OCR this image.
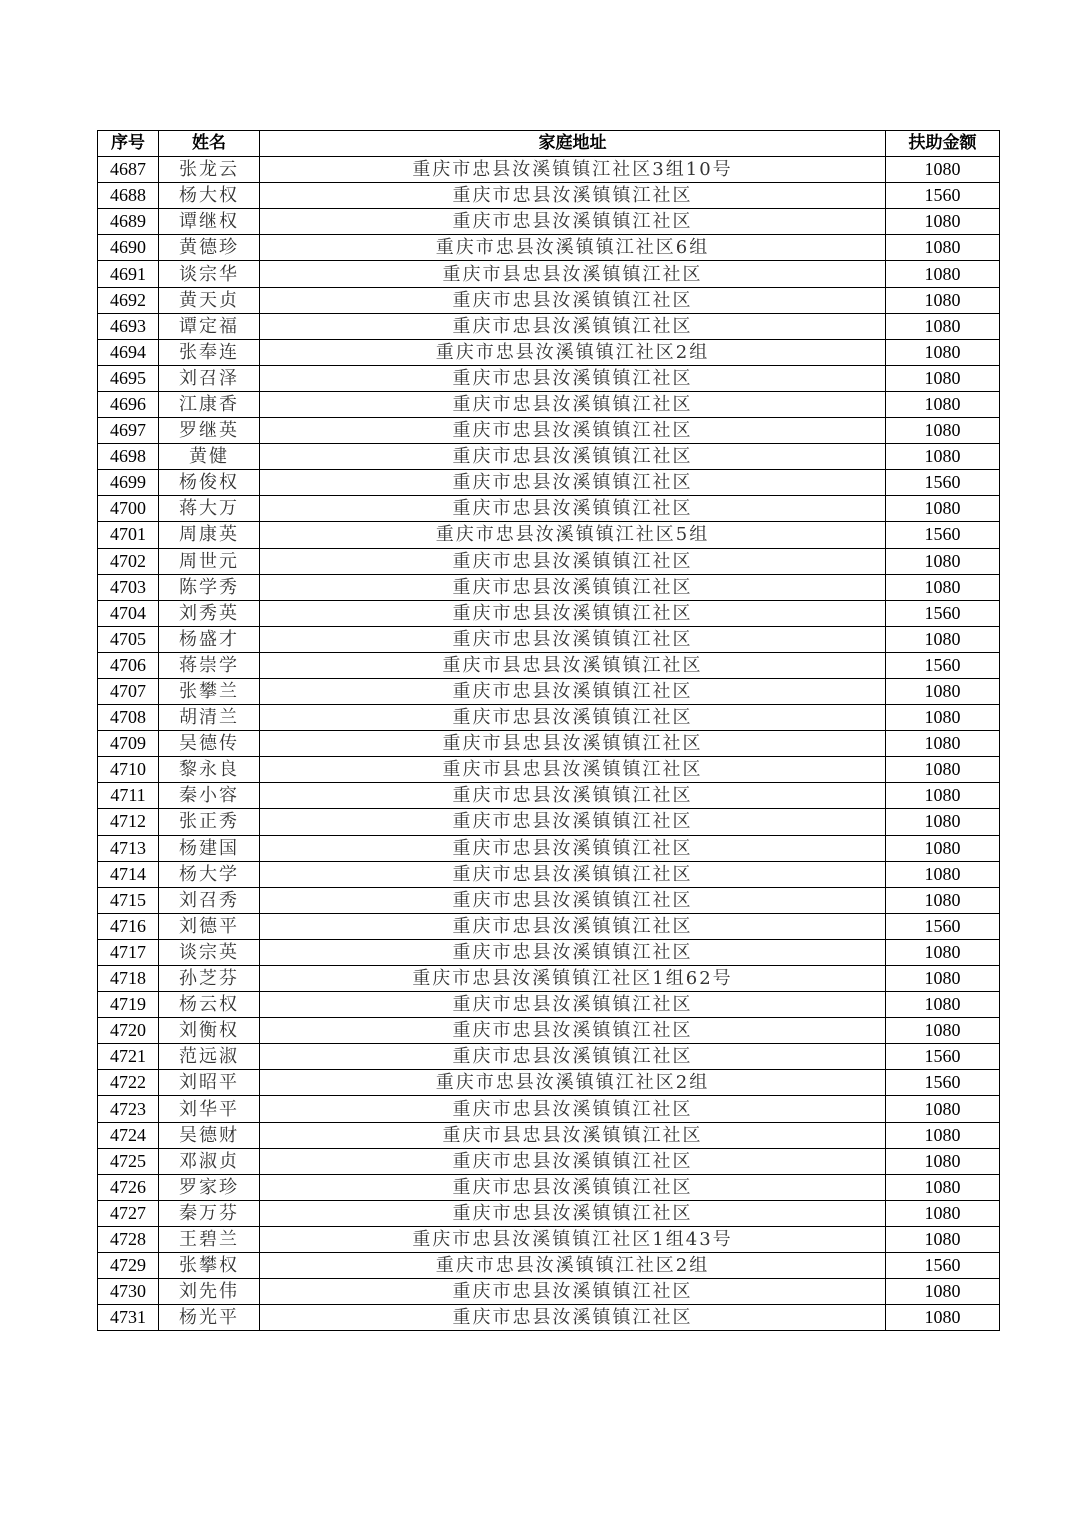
序号	姓名	家庭地址	扶助金额
4687	张龙云	重庆市忠县汝溪镇镇江社区3组10号	1080
4688	杨大权	重庆市忠县汝溪镇镇江社区	1560
4689	谭继权	重庆市忠县汝溪镇镇江社区	1080
4690	黄德珍	重庆市忠县汝溪镇镇江社区6组	1080
4691	谈宗华	重庆市县忠县汝溪镇镇江社区	1080
4692	黄天贞	重庆市忠县汝溪镇镇江社区	1080
4693	谭定福	重庆市忠县汝溪镇镇江社区	1080
4694	张奉连	重庆市忠县汝溪镇镇江社区2组	1080
4695	刘召泽	重庆市忠县汝溪镇镇江社区	1080
4696	江康香	重庆市忠县汝溪镇镇江社区	1080
4697	罗继英	重庆市忠县汝溪镇镇江社区	1080
4698	黄健	重庆市忠县汝溪镇镇江社区	1080
4699	杨俊权	重庆市忠县汝溪镇镇江社区	1560
4700	蒋大万	重庆市忠县汝溪镇镇江社区	1080
4701	周康英	重庆市忠县汝溪镇镇江社区5组	1560
4702	周世元	重庆市忠县汝溪镇镇江社区	1080
4703	陈学秀	重庆市忠县汝溪镇镇江社区	1080
4704	刘秀英	重庆市忠县汝溪镇镇江社区	1560
4705	杨盛才	重庆市忠县汝溪镇镇江社区	1080
4706	蒋崇学	重庆市县忠县汝溪镇镇江社区	1560
4707	张攀兰	重庆市忠县汝溪镇镇江社区	1080
4708	胡清兰	重庆市忠县汝溪镇镇江社区	1080
4709	吴德传	重庆市县忠县汝溪镇镇江社区	1080
4710	黎永良	重庆市县忠县汝溪镇镇江社区	1080
4711	秦小容	重庆市忠县汝溪镇镇江社区	1080
4712	张正秀	重庆市忠县汝溪镇镇江社区	1080
4713	杨建国	重庆市忠县汝溪镇镇江社区	1080
4714	杨大学	重庆市忠县汝溪镇镇江社区	1080
4715	刘召秀	重庆市忠县汝溪镇镇江社区	1080
4716	刘德平	重庆市忠县汝溪镇镇江社区	1560
4717	谈宗英	重庆市忠县汝溪镇镇江社区	1080
4718	孙芝芬	重庆市忠县汝溪镇镇江社区1组62号	1080
4719	杨云权	重庆市忠县汝溪镇镇江社区	1080
4720	刘衡权	重庆市忠县汝溪镇镇江社区	1080
4721	范远淑	重庆市忠县汝溪镇镇江社区	1560
4722	刘昭平	重庆市忠县汝溪镇镇江社区2组	1560
4723	刘华平	重庆市忠县汝溪镇镇江社区	1080
4724	吴德财	重庆市县忠县汝溪镇镇江社区	1080
4725	邓淑贞	重庆市忠县汝溪镇镇江社区	1080
4726	罗家珍	重庆市忠县汝溪镇镇江社区	1080
4727	秦万芬	重庆市忠县汝溪镇镇江社区	1080
4728	王碧兰	重庆市忠县汝溪镇镇江社区1组43号	1080
4729	张攀权	重庆市忠县汝溪镇镇江社区2组	1560
4730	刘先伟	重庆市忠县汝溪镇镇江社区	1080
4731	杨光平	重庆市忠县汝溪镇镇江社区	1080
